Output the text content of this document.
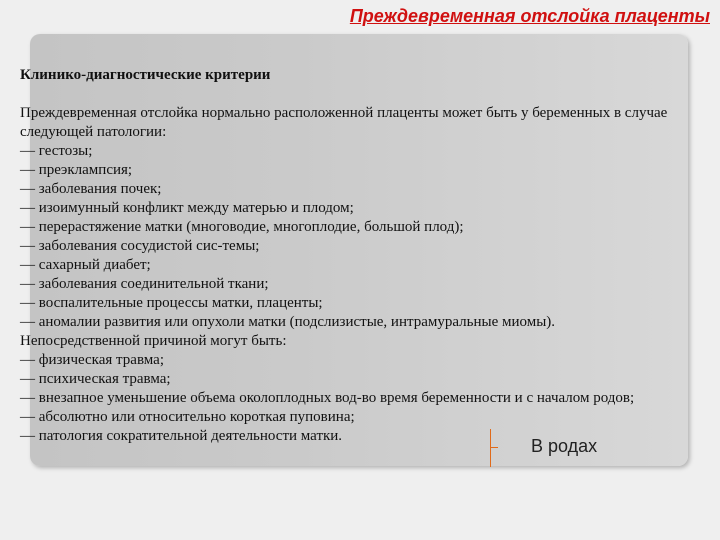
Преждевременная отслойка плаценты
Клинико-диагностические критерии
Преждевременная отслойка нормально расположенной плаценты может быть у беременных в случае следующей патологии:
— гестозы;
— преэклампсия;
— заболевания почек;
— изоимунный конфликт между матерью и плодом;
— перерастяжение матки (многоводие, многоплодие, большой плод);
— заболевания сосудистой сис-темы;
— сахарный диабет;
— заболевания соединительной ткани;
— воспалительные процессы матки, плаценты;
— аномалии развития или опухоли матки (подслизистые, интрамуральные миомы).
Непосредственной причиной могут быть:
— физическая травма;
— психическая травма;
— внезапное уменьшение объема околоплодных вод-во время беременности и с началом родов;
— абсолютно или относительно короткая пуповина;
— патология сократительной деятельности матки.	В родах
